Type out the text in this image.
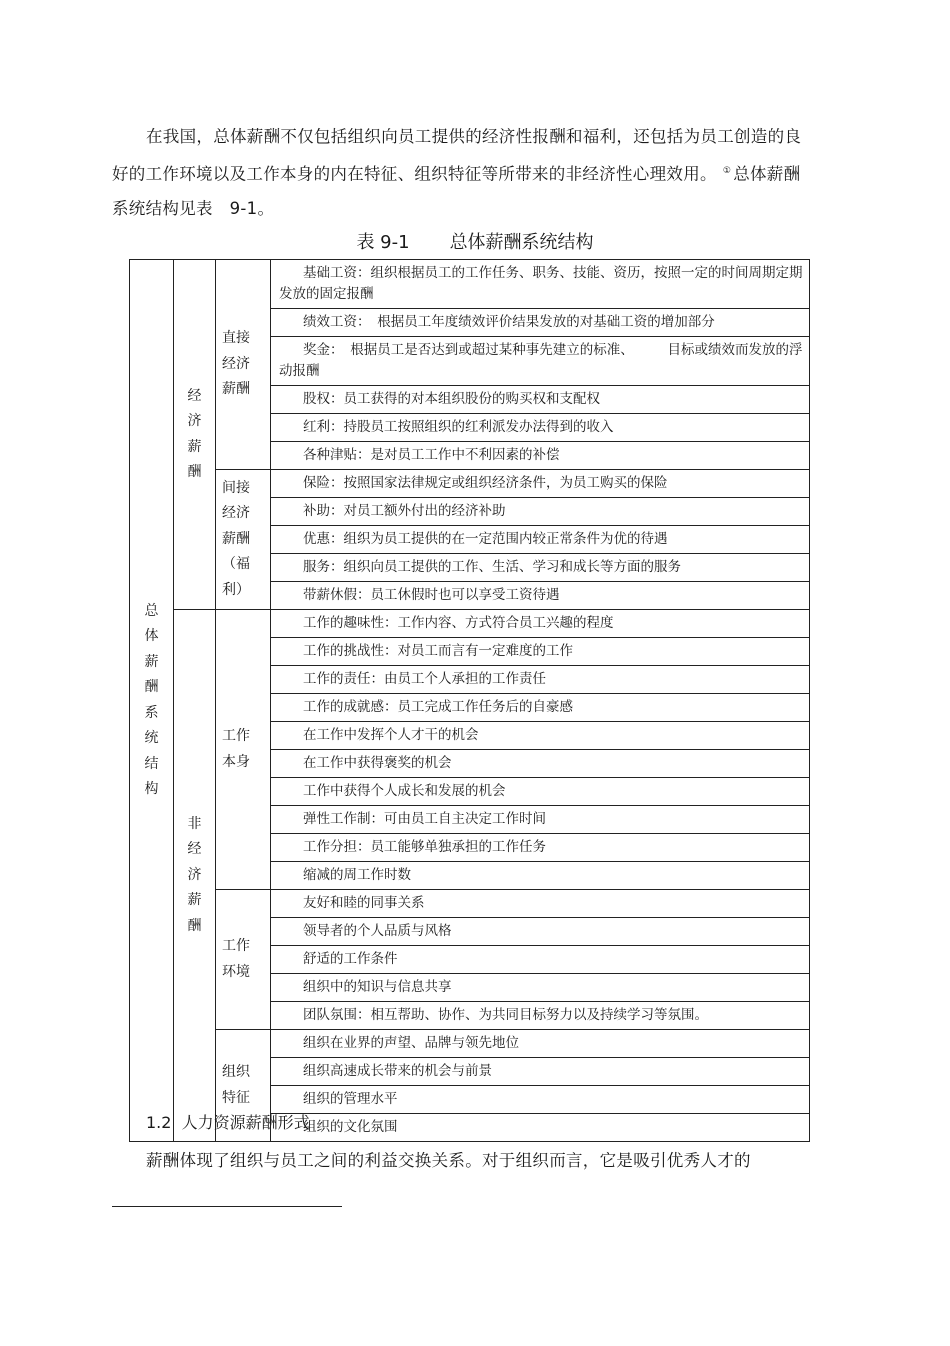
在我国，总体薪酬不仅包括组织向员工提供的经济性报酬和福利，还包括为员工创造的良好的工作环境以及工作本身的内在特征、组织特征等所带来的非经济性心理效用。 ① 总体薪酬系统结构见表　9-1。
表 9-1 总体薪酬系统结构
总体薪酬系统结构	经济薪酬	直接经济薪酬	基础工资：组织根据员工的工作任务、职务、技能、资历，按照一定的时间周期定期发放的固定报酬
			绩效工资：　根据员工年度绩效评价结果发放的对基础工资的增加部分
			奖金：　根据员工是否达到或超过某种事先建立的标准、　　　目标或绩效而发放的浮动报酬
			股权：员工获得的对本组织股份的购买权和支配权
			红利：持股员工按照组织的红利派发办法得到的收入
			各种津贴：是对员工工作中不利因素的补偿
		间接经济薪酬（福利）	保险：按照国家法律规定或组织经济条件，为员工购买的保险
			补助：对员工额外付出的经济补助
			优惠：组织为员工提供的在一定范围内较正常条件为优的待遇
			服务：组织向员工提供的工作、生活、学习和成长等方面的服务
			带薪休假：员工休假时也可以享受工资待遇
	非经济薪酬	工作本身	工作的趣味性：工作内容、方式符合员工兴趣的程度
			工作的挑战性：对员工而言有一定难度的工作
			工作的责任：由员工个人承担的工作责任
			工作的成就感：员工完成工作任务后的自豪感
			在工作中发挥个人才干的机会
			在工作中获得褒奖的机会
			工作中获得个人成长和发展的机会
			弹性工作制：可由员工自主决定工作时间
			工作分担：员工能够单独承担的工作任务
			缩减的周工作时数
		工作环境	友好和睦的同事关系
			领导者的个人品质与风格
			舒适的工作条件
			组织中的知识与信息共享
			团队氛围：相互帮助、协作、为共同目标努力以及持续学习等氛围。
		组织特征	组织在业界的声望、品牌与领先地位
			组织高速成长带来的机会与前景
			组织的管理水平
			组织的文化氛围
1.2 人力资源薪酬形式
薪酬体现了组织与员工之间的利益交换关系。对于组织而言，它是吸引优秀人才的
